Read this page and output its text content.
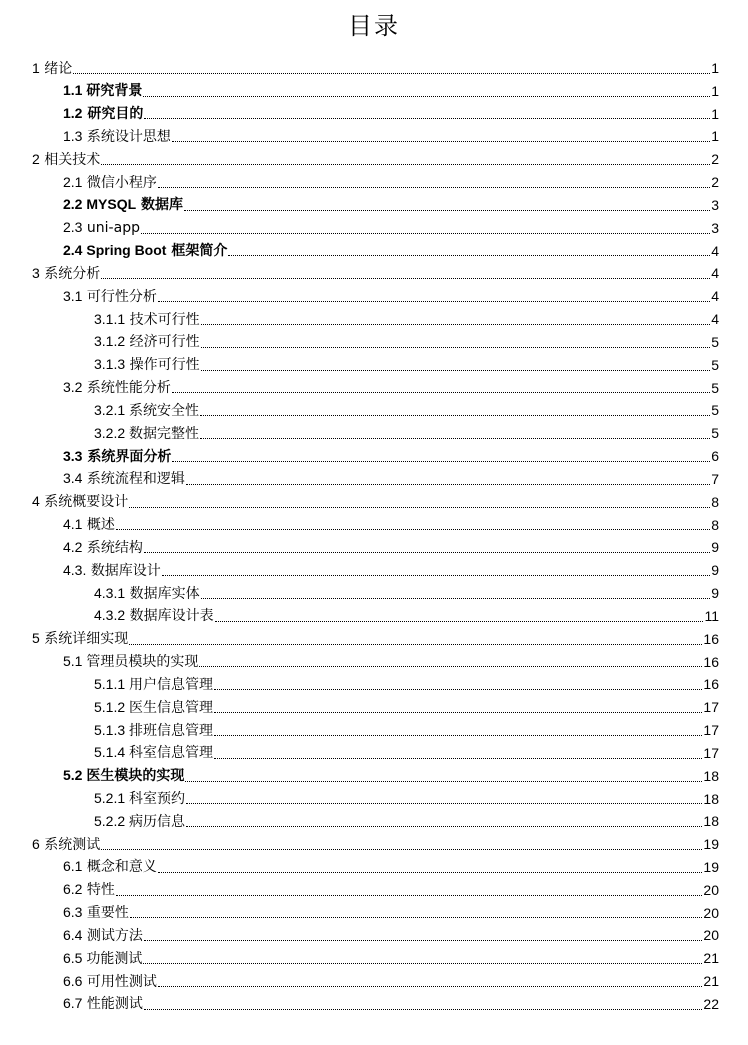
目录
1 绪论	1
1.1 研究背景	1
1.2 研究目的	1
1.3 系统设计思想	1
2 相关技术	2
2.1 微信小程序	2
2.2 MYSQL 数据库	3
2.3 uni-app	3
2.4 Spring Boot 框架简介	4
3 系统分析	4
3.1 可行性分析	4
3.1.1 技术可行性	4
3.1.2 经济可行性	5
3.1.3 操作可行性	5
3.2 系统性能分析	5
3.2.1 系统安全性	5
3.2.2 数据完整性	5
3.3 系统界面分析	6
3.4 系统流程和逻辑	7
4 系统概要设计	8
4.1 概述	8
4.2 系统结构	9
4.3. 数据库设计	9
4.3.1 数据库实体	9
4.3.2 数据库设计表	11
5 系统详细实现	16
5.1 管理员模块的实现	16
5.1.1 用户信息管理	16
5.1.2 医生信息管理	17
5.1.3 排班信息管理	17
5.1.4 科室信息管理	17
5.2 医生模块的实现	18
5.2.1 科室预约	18
5.2.2 病历信息	18
6 系统测试	19
6.1 概念和意义	19
6.2 特性	20
6.3 重要性	20
6.4 测试方法	20
6.5 功能测试	21
6.6 可用性测试	21
6.7 性能测试	22
